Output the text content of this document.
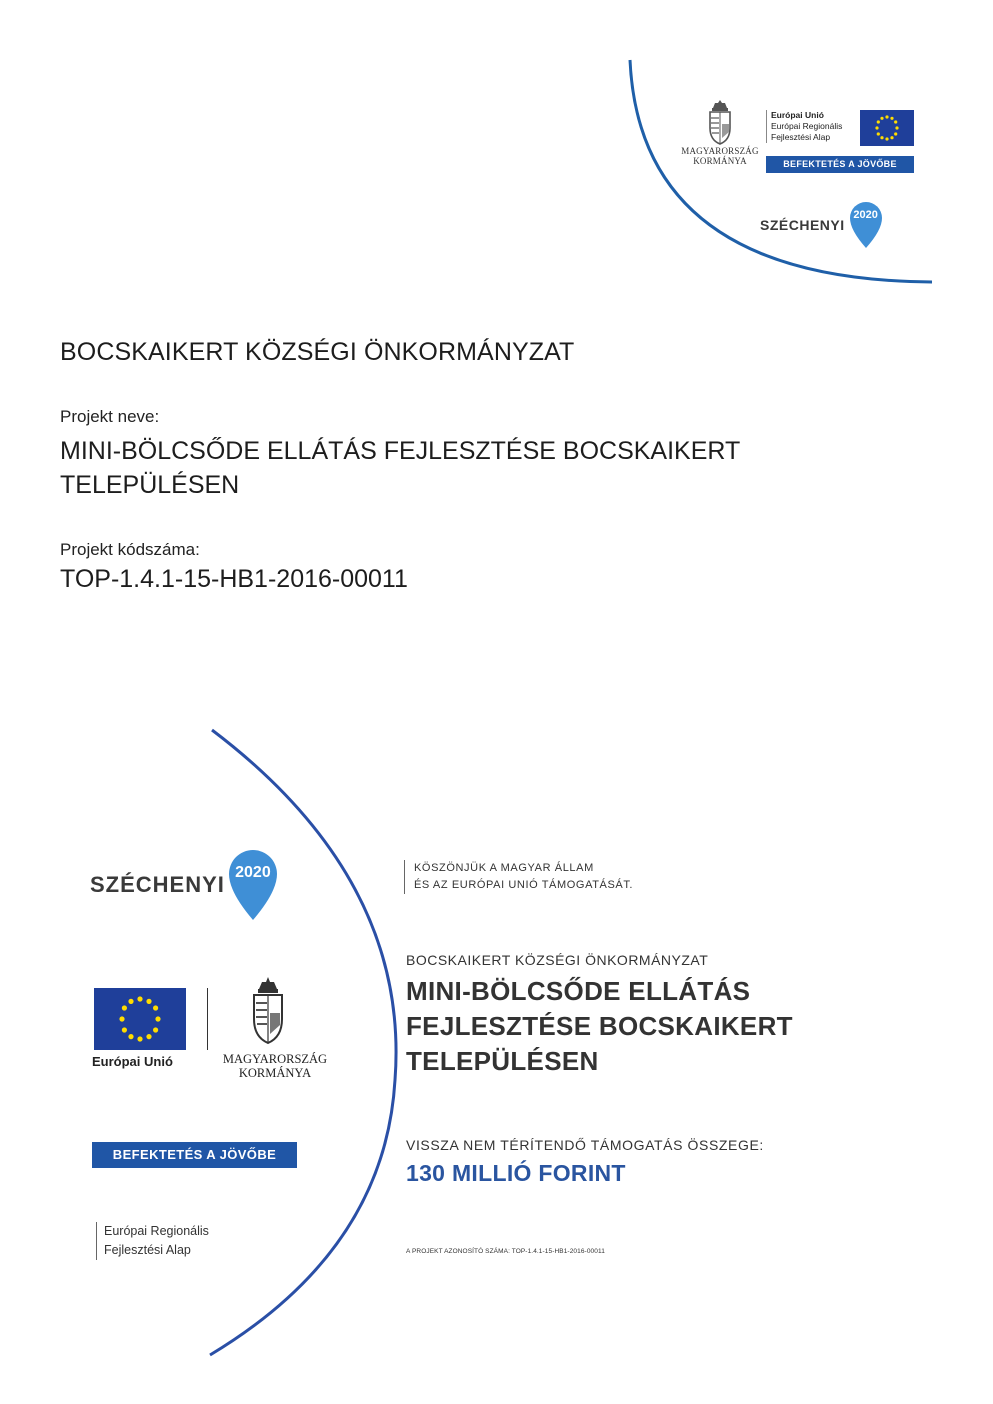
MAGYARORSZÁG
KORMÁNYA
Európai Unió
Európai Regionális
Fejlesztési Alap
BEFEKTETÉS A JÖVŐBE
SZÉCHENYI
2020
BOCSKAIKERT KÖZSÉGI ÖNKORMÁNYZAT
Projekt neve:
MINI-BÖLCSŐDE ELLÁTÁS FEJLESZTÉSE BOCSKAIKERT
TELEPÜLÉSEN
Projekt kódszáma:
TOP-1.4.1-15-HB1-2016-00011
SZÉCHENYI 2020
Európai Unió	MAGYARORSZÁG
KORMÁNYA
BEFEKTETÉS A JÖVŐBE
Európai Regionális
Fejlesztési Alap
KÖSZÖNJÜK A MAGYAR ÁLLAM
ÉS AZ EURÓPAI UNIÓ TÁMOGATÁSÁT.
BOCSKAIKERT KÖZSÉGI ÖNKORMÁNYZAT
MINI-BÖLCSŐDE ELLÁTÁS
FEJLESZTÉSE BOCSKAIKERT
TELEPÜLÉSEN
VISSZA NEM TÉRÍTENDŐ TÁMOGATÁS ÖSSZEGE:
130 MILLIÓ FORINT
A PROJEKT AZONOSÍTÓ SZÁMA: TOP-1.4.1-15-HB1-2016-00011
